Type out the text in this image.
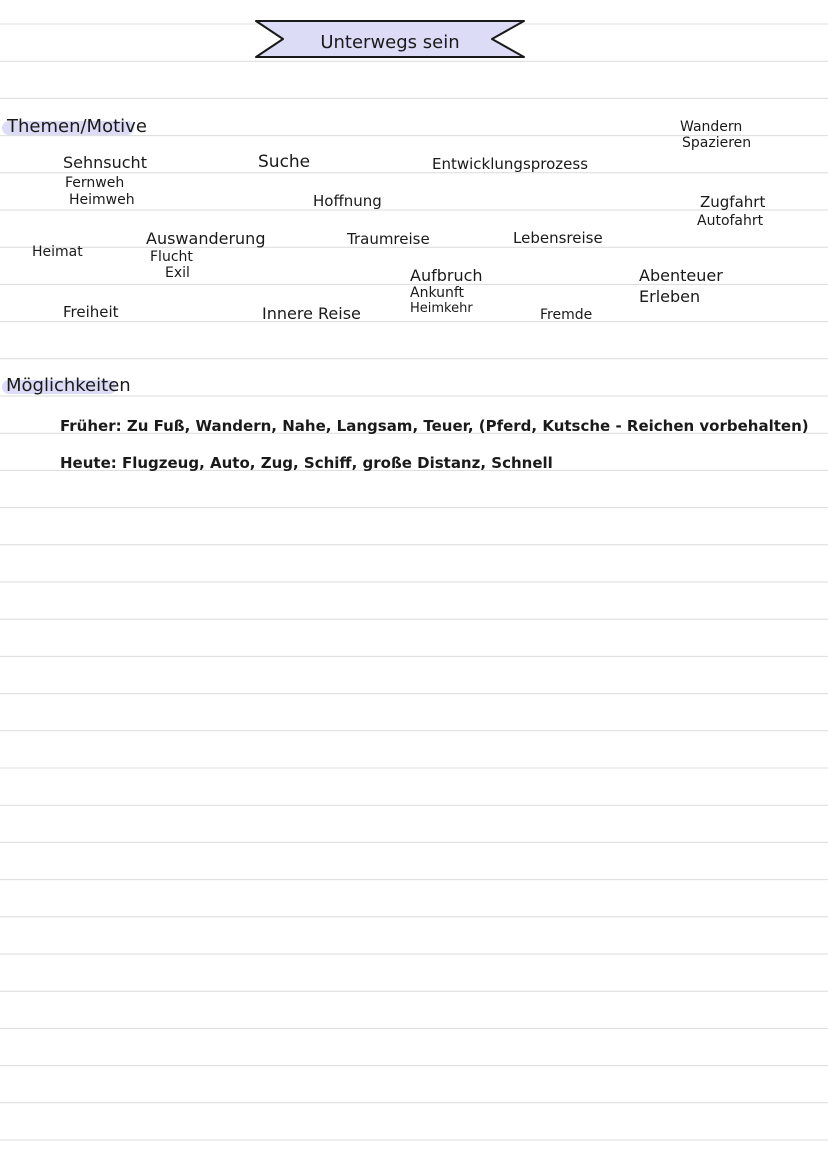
Unterwegs sein
Themen/Motive
Sehnsucht
Fernweh
Heimweh
Suche	Entwicklungsprozess
Wandern
Spazieren
Hoffnung	Zugfahrt
Autofahrt
Heimat
Auswanderung
Flucht
Exil
Traumreise	Lebensreise
Aufbruch
Ankunft
Heimkehr
Abenteuer
Erleben
Freiheit	Innere Reise	Fremde
Möglichkeiten
Früher: Zu Fuß, Wandern, Nahe, Langsam, Teuer, (Pferd, Kutsche - Reichen vorbehalten)
Heute: Flugzeug, Auto, Zug, Schiff, große Distanz, Schnell
